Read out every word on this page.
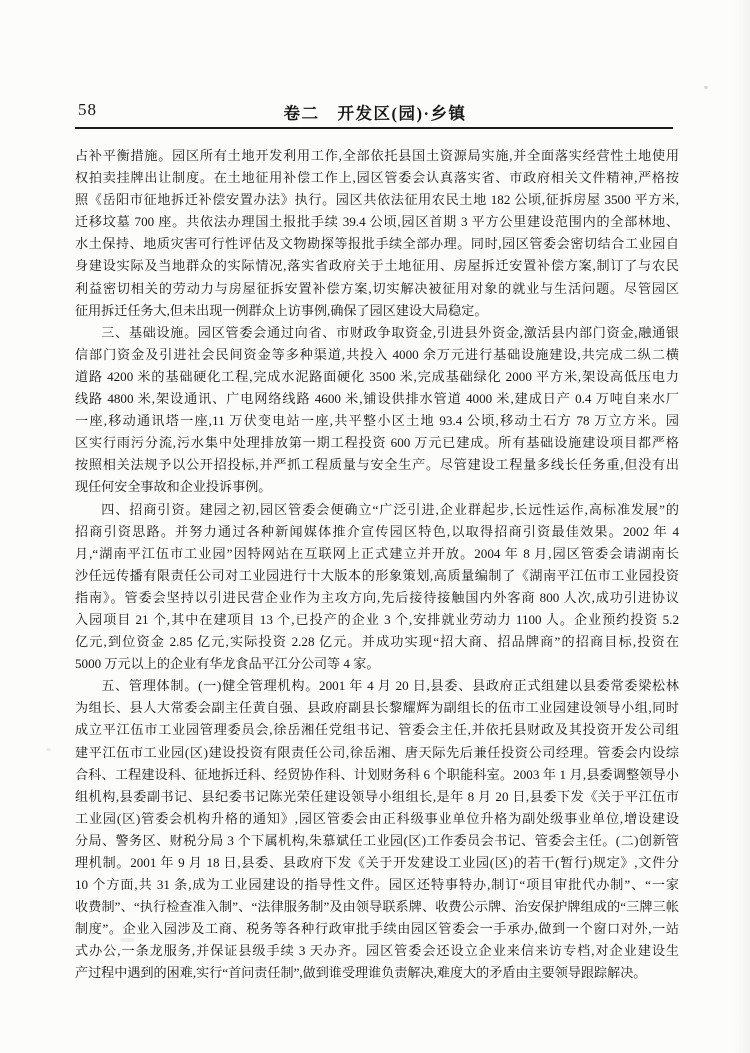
58	卷二　开发区(园)·乡镇
占补平衡措施。园区所有土地开发利用工作,全部依托县国土资源局实施,并全面落实经营性土地使用
权拍卖挂牌出让制度。在土地征用补偿工作上,园区管委会认真落实省、市政府相关文件精神,严格按
照《岳阳市征地拆迁补偿安置办法》执行。园区共依法征用农民土地 182 公顷,征拆房屋 3500 平方米,
迁移坟墓 700 座。共依法办理国土报批手续 39.4 公顷,园区首期 3 平方公里建设范围内的全部林地、
水土保持、地质灾害可行性评估及文物勘探等报批手续全部办理。同时,园区管委会密切结合工业园自
身建设实际及当地群众的实际情况,落实省政府关于土地征用、房屋拆迁安置补偿方案,制订了与农民
利益密切相关的劳动力与房屋征拆安置补偿方案,切实解决被征用对象的就业与生活问题。尽管园区
征用拆迁任务大,但未出现一例群众上访事例,确保了园区建设大局稳定。
三、基础设施。园区管委会通过向省、市财政争取资金,引进县外资金,激活县内部门资金,融通银
信部门资金及引进社会民间资金等多种渠道,共投入 4000 余万元进行基础设施建设,共完成二纵二横
道路 4200 米的基础硬化工程,完成水泥路面硬化 3500 米,完成基础绿化 2000 平方米,架设高低压电力
线路 4800 米,架设通讯、广电网络线路 4600 米,铺设供排水管道 4000 米,建成日产 0.4 万吨自来水厂
一座,移动通讯塔一座,11 万伏变电站一座,共平整小区土地 93.4 公顷,移动土石方 78 万立方米。园
区实行雨污分流,污水集中处理排放第一期工程投资 600 万元已建成。所有基础设施建设项目都严格
按照相关法规予以公开招投标,并严抓工程质量与安全生产。尽管建设工程量多线长任务重,但没有出
现任何安全事故和企业投诉事例。
四、招商引资。建园之初,园区管委会便确立“广泛引进,企业群起步,长远性运作,高标准发展”的
招商引资思路。并努力通过各种新闻媒体推介宣传园区特色,以取得招商引资最佳效果。2002 年 4
月,“湖南平江伍市工业园”因特网站在互联网上正式建立并开放。2004 年 8 月,园区管委会请湖南长
沙任远传播有限责任公司对工业园进行十大版本的形象策划,高质量编制了《湖南平江伍市工业园投资
指南》。管委会坚持以引进民营企业作为主攻方向,先后接待接触国内外客商 800 人次,成功引进协议
入园项目 21 个,其中在建项目 13 个,已投产的企业 3 个,安排就业劳动力 1100 人。企业预约投资 5.2
亿元,到位资金 2.85 亿元,实际投资 2.28 亿元。并成功实现“招大商、招品牌商”的招商目标,投资在
5000 万元以上的企业有华龙食品平江分公司等 4 家。
五、管理体制。(一)健全管理机构。2001 年 4 月 20 日,县委、县政府正式组建以县委常委梁松林
为组长、县人大常委会副主任黄自强、县政府副县长黎耀辉为副组长的伍市工业园建设领导小组,同时
成立平江伍市工业园管理委员会,徐岳湘任党组书记、管委会主任,并依托县财政及其投资开发公司组
建平江伍市工业园(区)建设投资有限责任公司,徐岳湘、唐天际先后兼任投资公司经理。管委会内设综
合科、工程建设科、征地拆迁科、经贸协作科、计划财务科 6 个职能科室。2003 年 1 月,县委调整领导小
组机构,县委副书记、县纪委书记陈光荣任建设领导小组组长,是年 8 月 20 日,县委下发《关于平江伍市
工业园(区)管委会机构升格的通知》,园区管委会由正科级事业单位升格为副处级事业单位,增设建设
分局、警务区、财税分局 3 个下属机构,朱慕斌任工业园(区)工作委员会书记、管委会主任。(二)创新管
理机制。2001 年 9 月 18 日,县委、县政府下发《关于开发建设工业园(区)的若干(暂行)规定》,文件分
10 个方面,共 31 条,成为工业园建设的指导性文件。园区还特事特办,制订“项目审批代办制”、“一家
收费制”、“执行检查准入制”、“法律服务制”及由领导联系牌、收费公示牌、治安保护牌组成的“三牌三帐
制度”。企业入园涉及工商、税务等各种行政审批手续由园区管委会一手承办,做到一个窗口对外,一站
式办公,一条龙服务,并保证县级手续 3 天办齐。园区管委会还设立企业来信来访专档,对企业建设生
产过程中遇到的困难,实行“首问责任制”,做到谁受理谁负责解决,难度大的矛盾由主要领导跟踪解决。
